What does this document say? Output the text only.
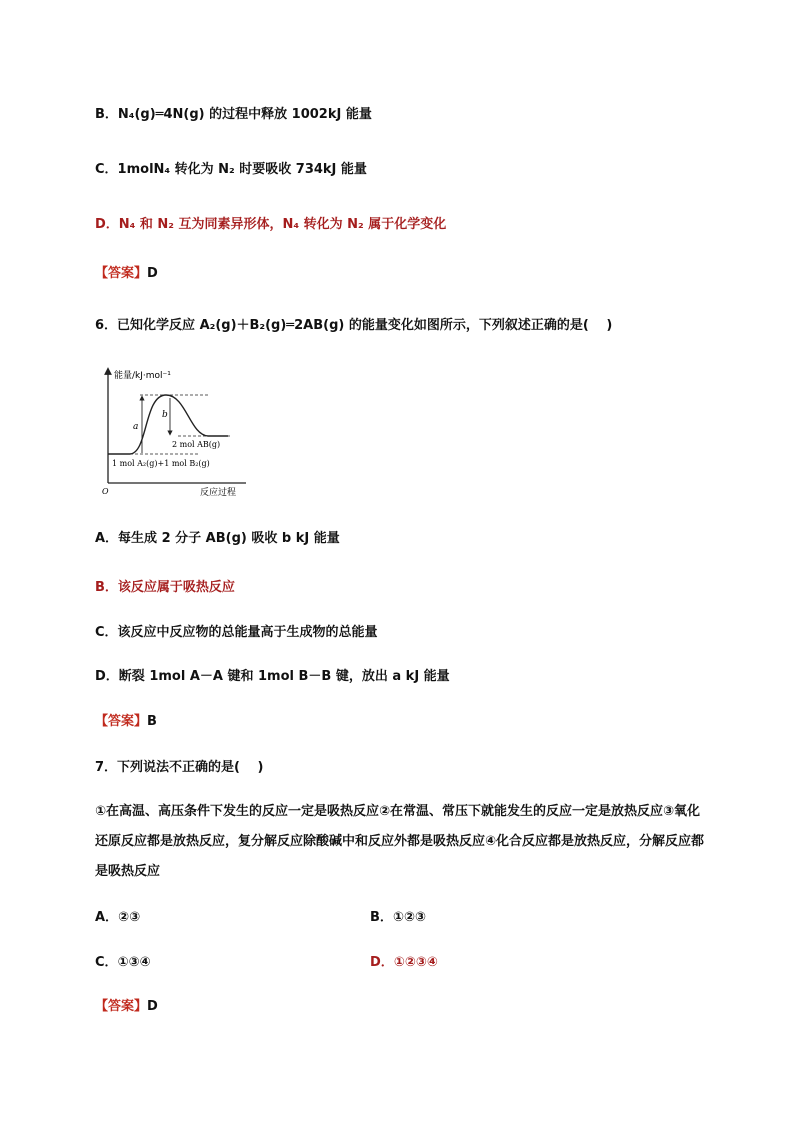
B．N₄(g)═4N(g) 的过程中释放 1002kJ 能量
C．1molN₄ 转化为 N₂ 时要吸收 734kJ 能量
D．N₄ 和 N₂ 互为同素异形体，N₄ 转化为 N₂ 属于化学变化
【答案】D
6．已知化学反应 A₂(g)＋B₂(g)═2AB(g) 的能量变化如图所示，下列叙述正确的是(　 )
能量/kJ·mol⁻¹
a
b
2 mol AB(g)
1 mol A₂(g)+1 mol B₂(g)
O	反应过程
A．每生成 2 分子 AB(g) 吸收 b kJ 能量
B．该反应属于吸热反应
C．该反应中反应物的总能量高于生成物的总能量
D．断裂 1mol A－A 键和 1mol B－B 键，放出 a kJ 能量
【答案】B
7．下列说法不正确的是(　 )
①在高温、高压条件下发生的反应一定是吸热反应②在常温、常压下就能发生的反应一定是放热反应③氧化还原反应都是放热反应，复分解反应除酸碱中和反应外都是吸热反应④化合反应都是放热反应，分解反应都是吸热反应
A．②③	B．①②③
C．①③④	D．①②③④
【答案】D
